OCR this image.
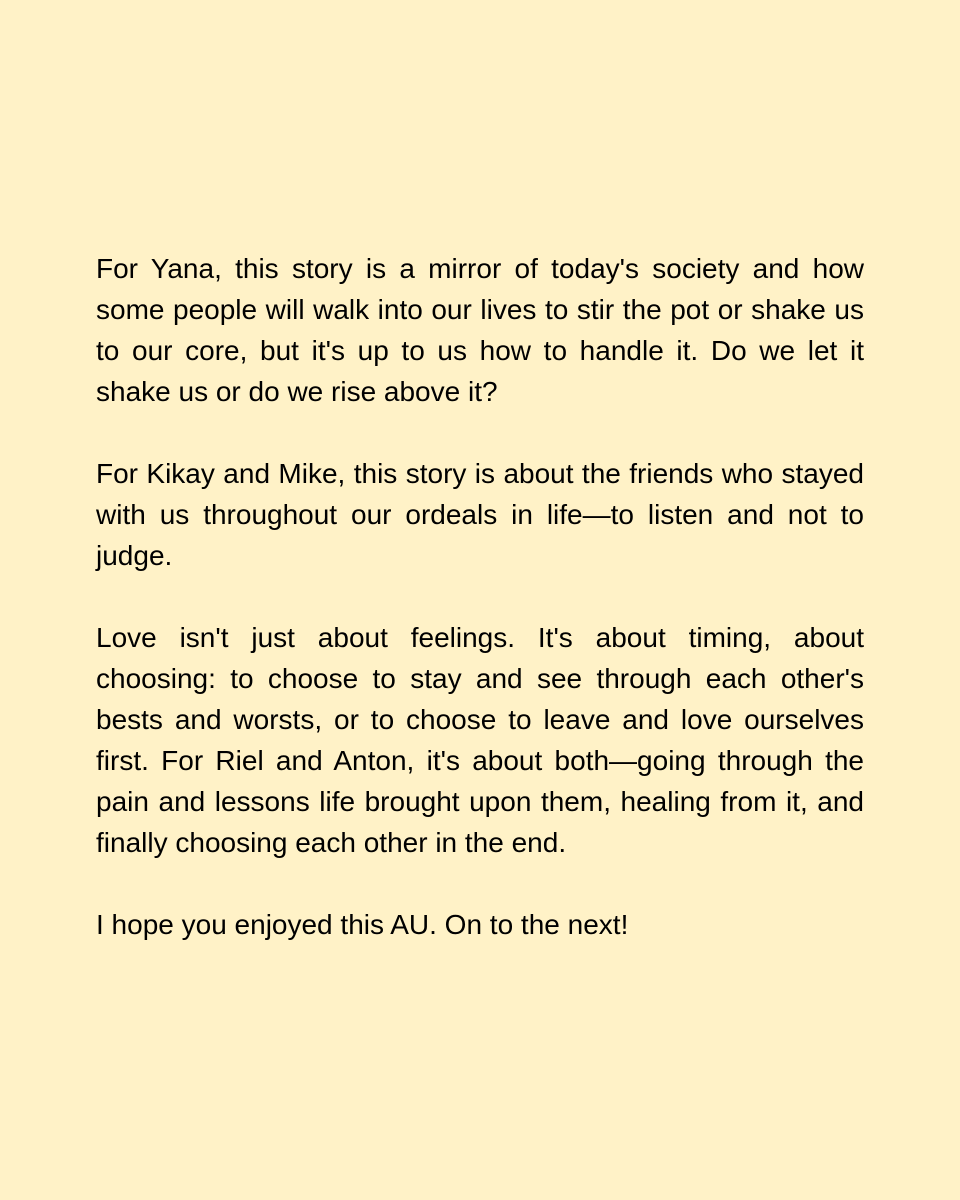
For Yana, this story is a mirror of today's society and how some people will walk into our lives to stir the pot or shake us to our core, but it's up to us how to handle it. Do we let it shake us or do we rise above it?

For Kikay and Mike, this story is about the friends who stayed with us throughout our ordeals in life—to listen and not to judge.

Love isn't just about feelings. It's about timing, about choosing: to choose to stay and see through each other's bests and worsts, or to choose to leave and love ourselves first. For Riel and Anton, it's about both—going through the pain and lessons life brought upon them, healing from it, and finally choosing each other in the end.

I hope you enjoyed this AU. On to the next!
